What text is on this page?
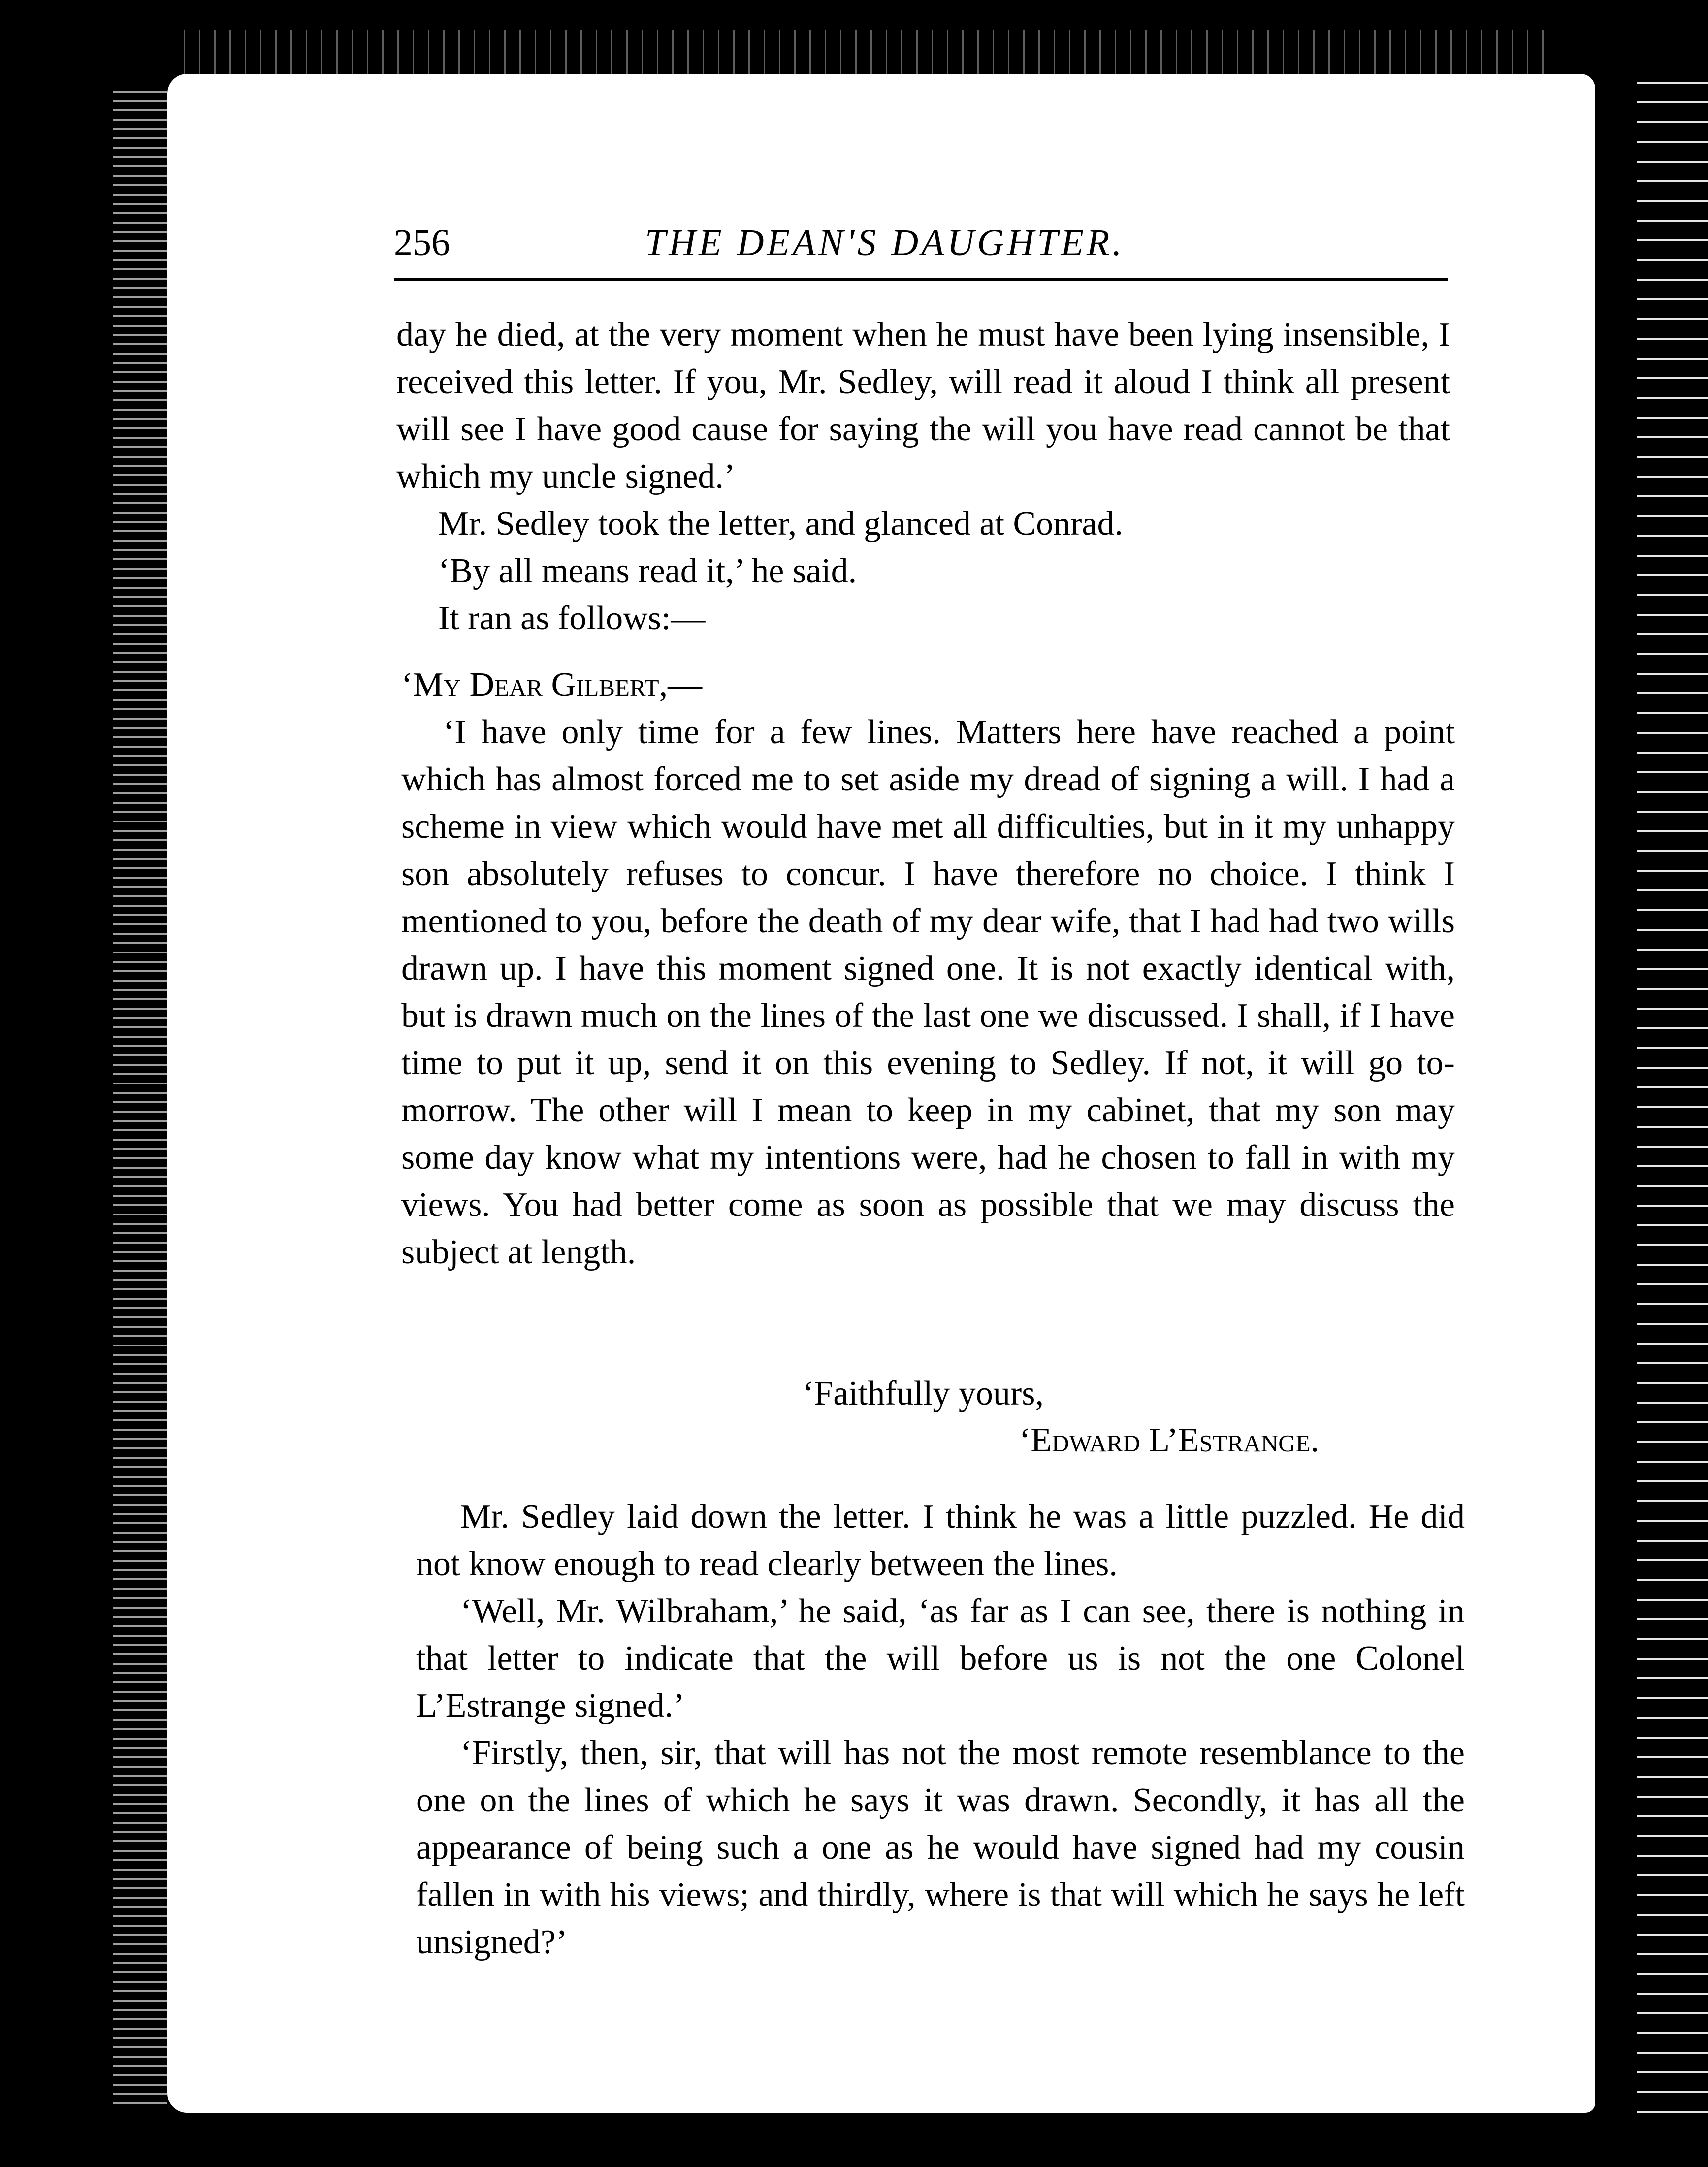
256	THE DEAN'S DAUGHTER.

day he died, at the very moment when he must have been lying insensible, I received this letter. If you, Mr. Sedley, will read it aloud I think all present will see I have good cause for saying the will you have read cannot be that which my uncle signed.’

Mr. Sedley took the letter, and glanced at Conrad.

‘By all means read it,’ he said.

It ran as follows:—

‘My Dear Gilbert,—

‘I have only time for a few lines. Matters here have reached a point which has almost forced me to set aside my dread of signing a will. I had a scheme in view which would have met all difficulties, but in it my unhappy son absolutely refuses to concur. I have therefore no choice. I think I mentioned to you, before the death of my dear wife, that I had had two wills drawn up. I have this moment signed one. It is not exactly identical with, but is drawn much on the lines of the last one we discussed. I shall, if I have time to put it up, send it on this evening to Sedley. If not, it will go to-morrow. The other will I mean to keep in my cabinet, that my son may some day know what my intentions were, had he chosen to fall in with my views. You had better come as soon as possible that we may discuss the subject at length.

‘Faithfully yours,
‘Edward L’Estrange.

Mr. Sedley laid down the letter. I think he was a little puzzled. He did not know enough to read clearly between the lines.

‘Well, Mr. Wilbraham,’ he said, ‘as far as I can see, there is nothing in that letter to indicate that the will before us is not the one Colonel L’Estrange signed.’

‘Firstly, then, sir, that will has not the most remote resemblance to the one on the lines of which he says it was drawn. Secondly, it has all the appearance of being such a one as he would have signed had my cousin fallen in with his views; and thirdly, where is that will which he says he left unsigned?’
